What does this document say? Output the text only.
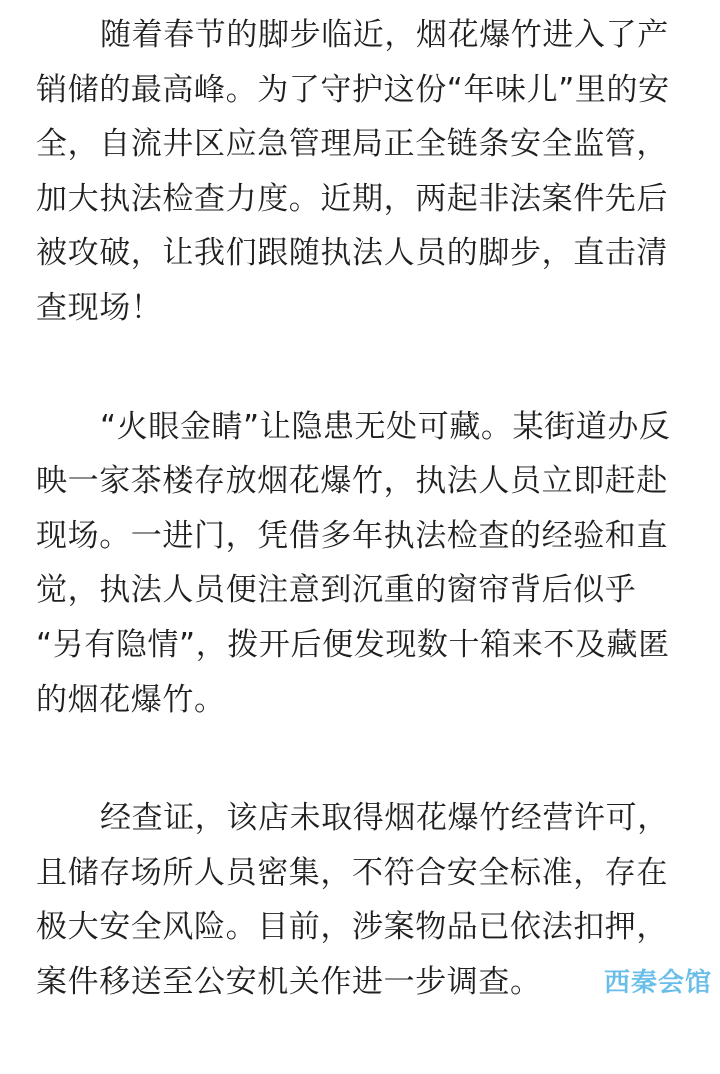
随着春节的脚步临近，烟花爆竹进入了产
销储的最高峰。为了守护这份“年味儿”里的安
全，自流井区应急管理局正全链条安全监管，
加大执法检查力度。近期，两起非法案件先后
被攻破，让我们跟随执法人员的脚步，直击清
查现场！
“火眼金睛”让隐患无处可藏。某街道办反
映一家茶楼存放烟花爆竹，执法人员立即赶赴
现场。一进门，凭借多年执法检查的经验和直
觉，执法人员便注意到沉重的窗帘背后似乎
“另有隐情”，拨开后便发现数十箱来不及藏匿
的烟花爆竹。
经查证，该店未取得烟花爆竹经营许可，
且储存场所人员密集，不符合安全标准，存在
极大安全风险。目前，涉案物品已依法扣押，
案件移送至公安机关作进一步调查。	西秦会馆
